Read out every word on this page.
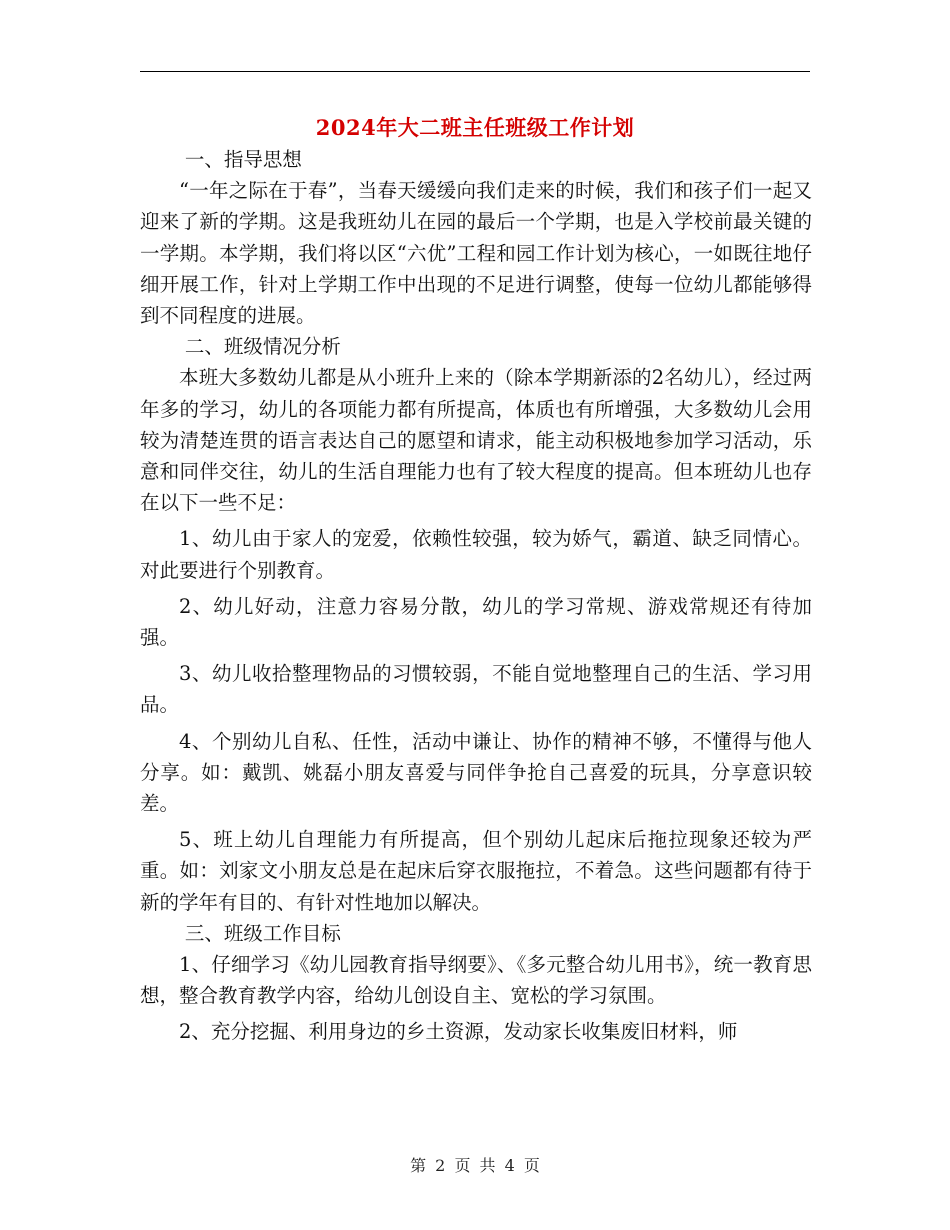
2024年大二班主任班级工作计划

一、指导思想

“一年之际在于春”，当春天缓缓向我们走来的时候，我们和孩子们一起又迎来了新的学期。这是我班幼儿在园的最后一个学期，也是入学校前最关键的一学期。本学期，我们将以区“六优”工程和园工作计划为核心，一如既往地仔细开展工作，针对上学期工作中出现的不足进行调整，使每一位幼儿都能够得到不同程度的进展。

二、班级情况分析

本班大多数幼儿都是从小班升上来的（除本学期新添的2名幼儿），经过两年多的学习，幼儿的各项能力都有所提高，体质也有所增强，大多数幼儿会用较为清楚连贯的语言表达自己的愿望和请求，能主动积极地参加学习活动，乐意和同伴交往，幼儿的生活自理能力也有了较大程度的提高。但本班幼儿也存在以下一些不足：

1、幼儿由于家人的宠爱，依赖性较强，较为娇气，霸道、缺乏同情心。对此要进行个别教育。

2、幼儿好动，注意力容易分散，幼儿的学习常规、游戏常规还有待加强。

3、幼儿收拾整理物品的习惯较弱，不能自觉地整理自己的生活、学习用品。

4、个别幼儿自私、任性，活动中谦让、协作的精神不够，不懂得与他人分享。如：戴凯、姚磊小朋友喜爱与同伴争抢自己喜爱的玩具，分享意识较差。

5、班上幼儿自理能力有所提高，但个别幼儿起床后拖拉现象还较为严重。如：刘家文小朋友总是在起床后穿衣服拖拉，不着急。这些问题都有待于新的学年有目的、有针对性地加以解决。

三、班级工作目标

1、仔细学习《幼儿园教育指导纲要》、《多元整合幼儿用书》，统一教育思想，整合教育教学内容，给幼儿创设自主、宽松的学习氛围。

2、充分挖掘、利用身边的乡土资源，发动家长收集废旧材料，师

第 2 页 共 4 页
